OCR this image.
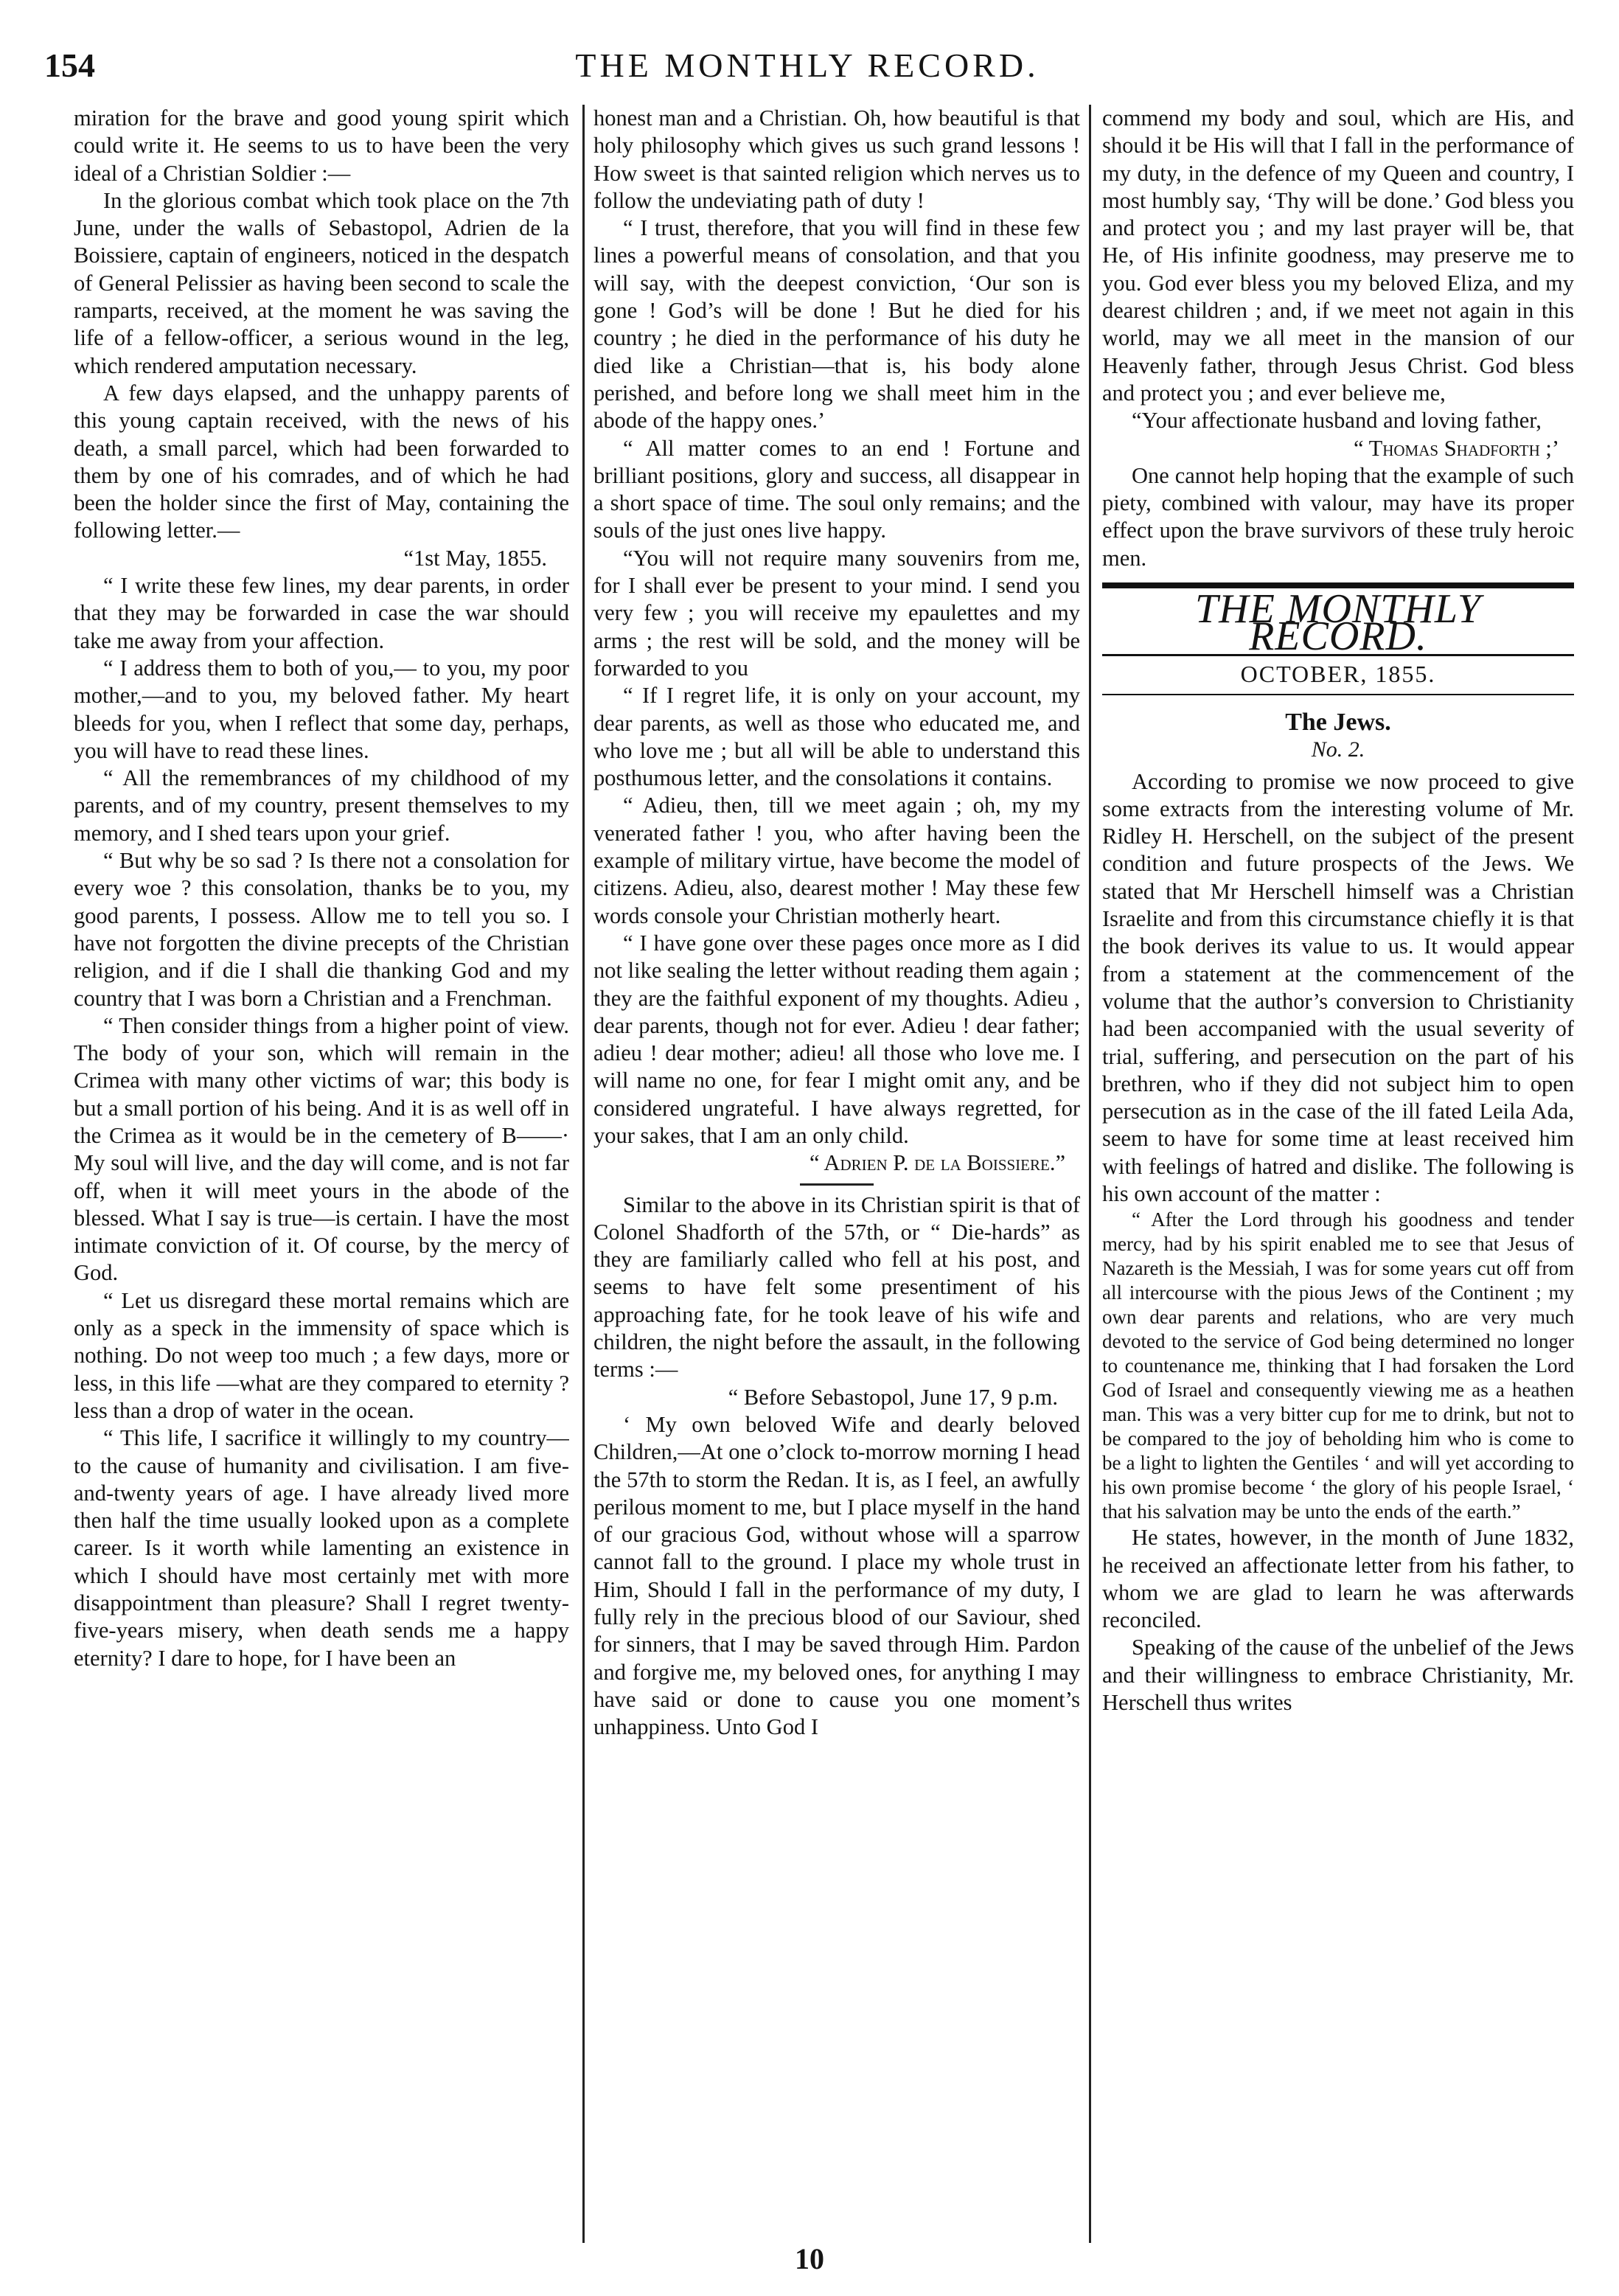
154	THE MONTHLY RECORD.

miration for the brave and good young spirit which could write it. He seems to us to have been the very ideal of a Christian Soldier :—

In the glorious combat which took place on the 7th June, under the walls of Sebastopol, Adrien de la Boissiere, captain of engineers, noticed in the despatch of General Pelissier as having been second to scale the ramparts, received, at the moment he was saving the life of a fellow-officer, a serious wound in the leg, which rendered amputation necessary.

A few days elapsed, and the unhappy parents of this young captain received, with the news of his death, a small parcel, which had been forwarded to them by one of his comrades, and of which he had been the holder since the first of May, containing the following letter.—

“1st May, 1855.

“ I write these few lines, my dear parents, in order that they may be forwarded in case the war should take me away from your affection.

“ I address them to both of you,— to you, my poor mother,—and to you, my beloved father. My heart bleeds for you, when I reflect that some day, perhaps, you will have to read these lines.

“ All the remembrances of my childhood of my parents, and of my country, present themselves to my memory, and I shed tears upon your grief.

“ But why be so sad ? Is there not a consolation for every woe ? this consolation, thanks be to you, my good parents, I possess. Allow me to tell you so. I have not forgotten the divine precepts of the Christian religion, and if die I shall die thanking God and my country that I was born a Christian and a Frenchman.

“ Then consider things from a higher point of view. The body of your son, which will remain in the Crimea with many other victims of war; this body is but a small portion of his being. And it is as well off in the Crimea as it would be in the cemetery of B——· My soul will live, and the day will come, and is not far off, when it will meet yours in the abode of the blessed. What I say is true—is certain. I have the most intimate conviction of it. Of course, by the mercy of God.

“ Let us disregard these mortal remains which are only as a speck in the immensity of space which is nothing. Do not weep too much ; a few days, more or less, in this life —what are they compared to eternity ? less than a drop of water in the ocean.

“ This life, I sacrifice it willingly to my country—to the cause of humanity and civilisation. I am five-and-twenty years of age. I have already lived more then half the time usually looked upon as a complete career. Is it worth while lamenting an existence in which I should have most certainly met with more disappointment than pleasure? Shall I regret twenty-five-years misery, when death sends me a happy eternity? I dare to hope, for I have been an

honest man and a Christian. Oh, how beautiful is that holy philosophy which gives us such grand lessons ! How sweet is that sainted religion which nerves us to follow the undeviating path of duty !

“ I trust, therefore, that you will find in these few lines a powerful means of consolation, and that you will say, with the deepest conviction, ‘Our son is gone ! God’s will be done ! But he died for his country ; he died in the performance of his duty he died like a Christian—that is, his body alone perished, and before long we shall meet him in the abode of the happy ones.’

“ All matter comes to an end ! Fortune and brilliant positions, glory and success, all disappear in a short space of time. The soul only remains; and the souls of the just ones live happy.

“You will not require many souvenirs from me, for I shall ever be present to your mind. I send you very few ; you will receive my epaulettes and my arms ; the rest will be sold, and the money will be forwarded to you

“ If I regret life, it is only on your account, my dear parents, as well as those who educated me, and who love me ; but all will be able to understand this posthumous letter, and the consolations it contains.

“ Adieu, then, till we meet again ; oh, my my venerated father ! you, who after having been the example of military virtue, have become the model of citizens. Adieu, also, dearest mother ! May these few words console your Christian motherly heart.

“ I have gone over these pages once more as I did not like sealing the letter without reading them again ; they are the faithful exponent of my thoughts. Adieu , dear parents, though not for ever. Adieu ! dear father; adieu ! dear mother; adieu! all those who love me. I will name no one, for fear I might omit any, and be considered ungrateful. I have always regretted, for your sakes, that I am an only child.

“ Adrien P. de la Boissiere.”

Similar to the above in its Christian spirit is that of Colonel Shadforth of the 57th, or “ Die-hards” as they are familiarly called who fell at his post, and seems to have felt some presentiment of his approaching fate, for he took leave of his wife and children, the night before the assault, in the following terms :—

“ Before Sebastopol, June 17, 9 p.m.

‘ My own beloved Wife and dearly beloved Children,—At one o’clock to-morrow morning I head the 57th to storm the Redan. It is, as I feel, an awfully perilous moment to me, but I place myself in the hand of our gracious God, without whose will a sparrow cannot fall to the ground. I place my whole trust in Him, Should I fall in the performance of my duty, I fully rely in the precious blood of our Saviour, shed for sinners, that I may be saved through Him. Pardon and forgive me, my beloved ones, for anything I may have said or done to cause you one moment’s unhappiness. Unto God I

commend my body and soul, which are His, and should it be His will that I fall in the performance of my duty, in the defence of my Queen and country, I most humbly say, ‘Thy will be done.’ God bless you and protect you ; and my last prayer will be, that He, of His infinite goodness, may preserve me to you. God ever bless you my beloved Eliza, and my dearest children ; and, if we meet not again in this world, may we all meet in the mansion of our Heavenly father, through Jesus Christ. God bless and protect you ; and ever believe me,

“Your affectionate husband and loving father,

“ Thomas Shadforth ;’

One cannot help hoping that the example of such piety, combined with valour, may have its proper effect upon the brave survivors of these truly heroic men.

THE MONTHLY RECORD.
OCTOBER, 1855.
The Jews.
No. 2.

According to promise we now proceed to give some extracts from the interesting volume of Mr. Ridley H. Herschell, on the subject of the present condition and future prospects of the Jews. We stated that Mr Herschell himself was a Christian Israelite and from this circumstance chiefly it is that the book derives its value to us. It would appear from a statement at the commencement of the volume that the author’s conversion to Christianity had been accompanied with the usual severity of trial, suffering, and persecution on the part of his brethren, who if they did not subject him to open persecution as in the case of the ill fated Leila Ada, seem to have for some time at least received him with feelings of hatred and dislike. The following is his own account of the matter :

“ After the Lord through his goodness and tender mercy, had by his spirit enabled me to see that Jesus of Nazareth is the Messiah, I was for some years cut off from all intercourse with the pious Jews of the Continent ; my own dear parents and relations, who are very much devoted to the service of God being determined no longer to countenance me, thinking that I had forsaken the Lord God of Israel and consequently viewing me as a heathen man. This was a very bitter cup for me to drink, but not to be compared to the joy of beholding him who is come to be a light to lighten the Gentiles ‘ and will yet according to his own promise become ‘ the glory of his people Israel, ‘ that his salvation may be unto the ends of the earth.”

He states, however, in the month of June 1832, he received an affectionate letter from his father, to whom we are glad to learn he was afterwards reconciled.

Speaking of the cause of the unbelief of the Jews and their willingness to embrace Christianity, Mr. Herschell thus writes

10
